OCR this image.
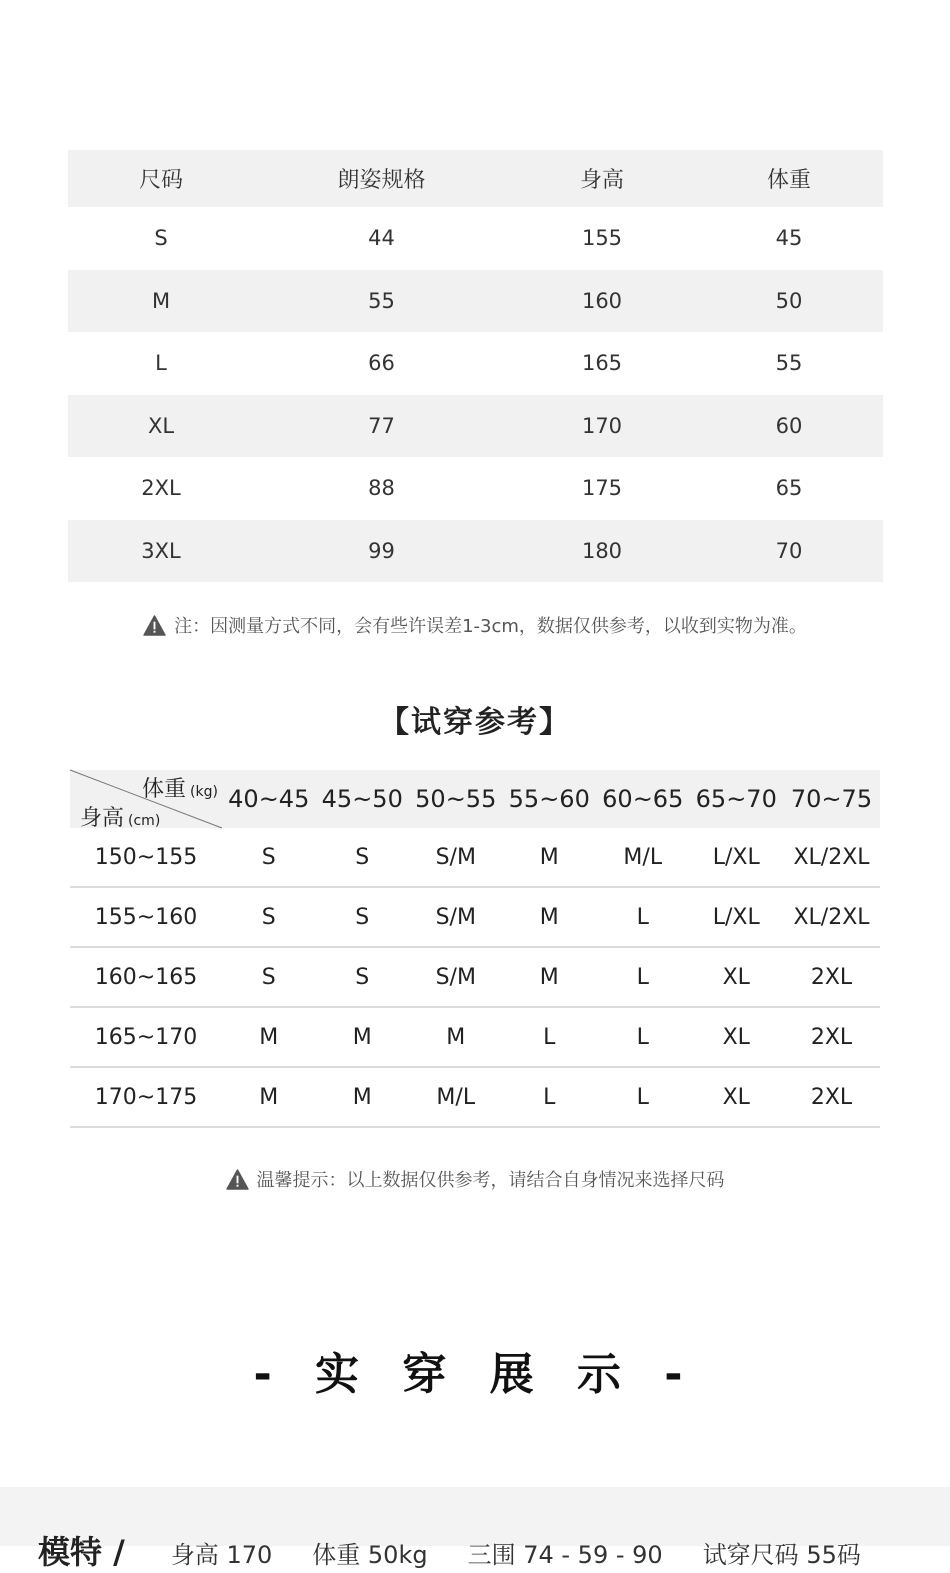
尺码	朗姿规格	身高	体重
S	44	155	45
M	55	160	50
L	66	165	55
XL	77	170	60
2XL	88	175	65
3XL	99	180	70
注：因测量方式不同，会有些许误差1-3cm，数据仅供参考，以收到实物为准。
【试穿参考】
体重 (kg)
身高 (cm)
40~45 45~50 50~55 55~60 60~65 65~70 70~75
150~155	S	S	S/M	M	M/L	L/XL	XL/2XL
155~160	S	S	S/M	M	L	L/XL	XL/2XL
160~165	S	S	S/M	M	L	XL	2XL
165~170	M	M	M	L	L	XL	2XL
170~175	M	M	M/L	L	L	XL	2XL
温馨提示：以上数据仅供参考，请结合自身情况来选择尺码
- 实 穿 展 示 -
模特 / 身高 170 体重 50kg 三围 74 - 59 - 90 试穿尺码 55码
